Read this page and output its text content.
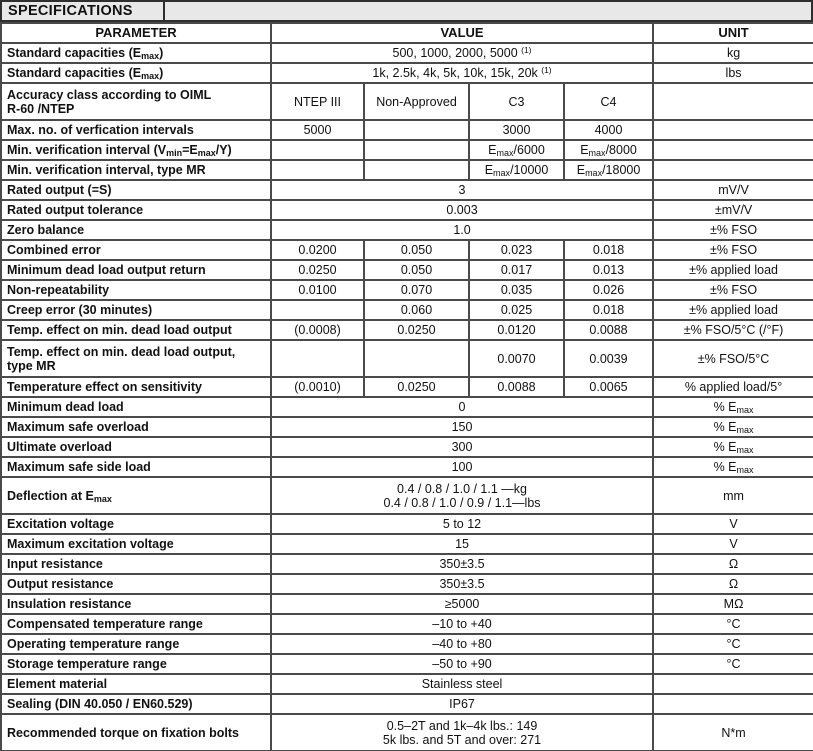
SPECIFICATIONS
PARAMETER	VALUE				UNIT
Standard capacities $(E_{max})$	500, 1000, 2000, 5000 $^{(1)}$				kg
Standard capacities $(E_{max})$	1k, 2.5k, 4k, 5k, 10k, 15k, 20k $^{(1)}$				lbs
Accuracy class according to OIML
R-60 /NTEP	NTEP III	Non-Approved	C3	C4	
Max. no. of verfication intervals	5000		3000	4000	
Min. verification interval $(V_{min}=E_{max}/Y)$			$E_{max}/6000$	$E_{max}/8000$	
Min. verification interval, type MR			$E_{max}/10000$	$E_{max}/18000$	
Rated output (=S)	3				mV/V
Rated output tolerance	0.003				±mV/V
Zero balance	1.0				±% FSO
Combined error	0.0200	0.050	0.023	0.018	±% FSO
Minimum dead load output return	0.0250	0.050	0.017	0.013	±% applied load
Non-repeatability	0.0100	0.070	0.035	0.026	±% FSO
Creep error (30 minutes)		0.060	0.025	0.018	±% applied load
Temp. effect on min. dead load output	(0.0008)	0.0250	0.0120	0.0088	±% FSO/5°C (/°F)
Temp. effect on min. dead load output,
type MR			0.0070	0.0039	±% FSO/5°C
Temperature effect on sensitivity	(0.0010)	0.0250	0.0088	0.0065	% applied load/5°
Minimum dead load	0				% $E_{max}$
Maximum safe overload	150				% $E_{max}$
Ultimate overload	300				% $E_{max}$
Maximum safe side load	100				% $E_{max}$
Deflection at $E_{max}$	0.4 / 0.8 / 1.0 / 1.1 —kg
0.4 / 0.8 / 1.0 / 0.9 / 1.1—lbs				mm
Excitation voltage	5 to 12				V
Maximum excitation voltage	15				V
Input resistance	350±3.5				Ω
Output resistance	350±3.5				Ω
Insulation resistance	≥5000				MΩ
Compensated temperature range	–10 to +40				°C
Operating temperature range	–40 to +80				°C
Storage temperature range	–50 to +90				°C
Element material	Stainless steel				
Sealing (DIN 40.050 / EN60.529)	IP67				
Recommended torque on fixation bolts	0.5–2T and 1k–4k lbs.: 149
5k lbs. and 5T and over: 271				N*m
